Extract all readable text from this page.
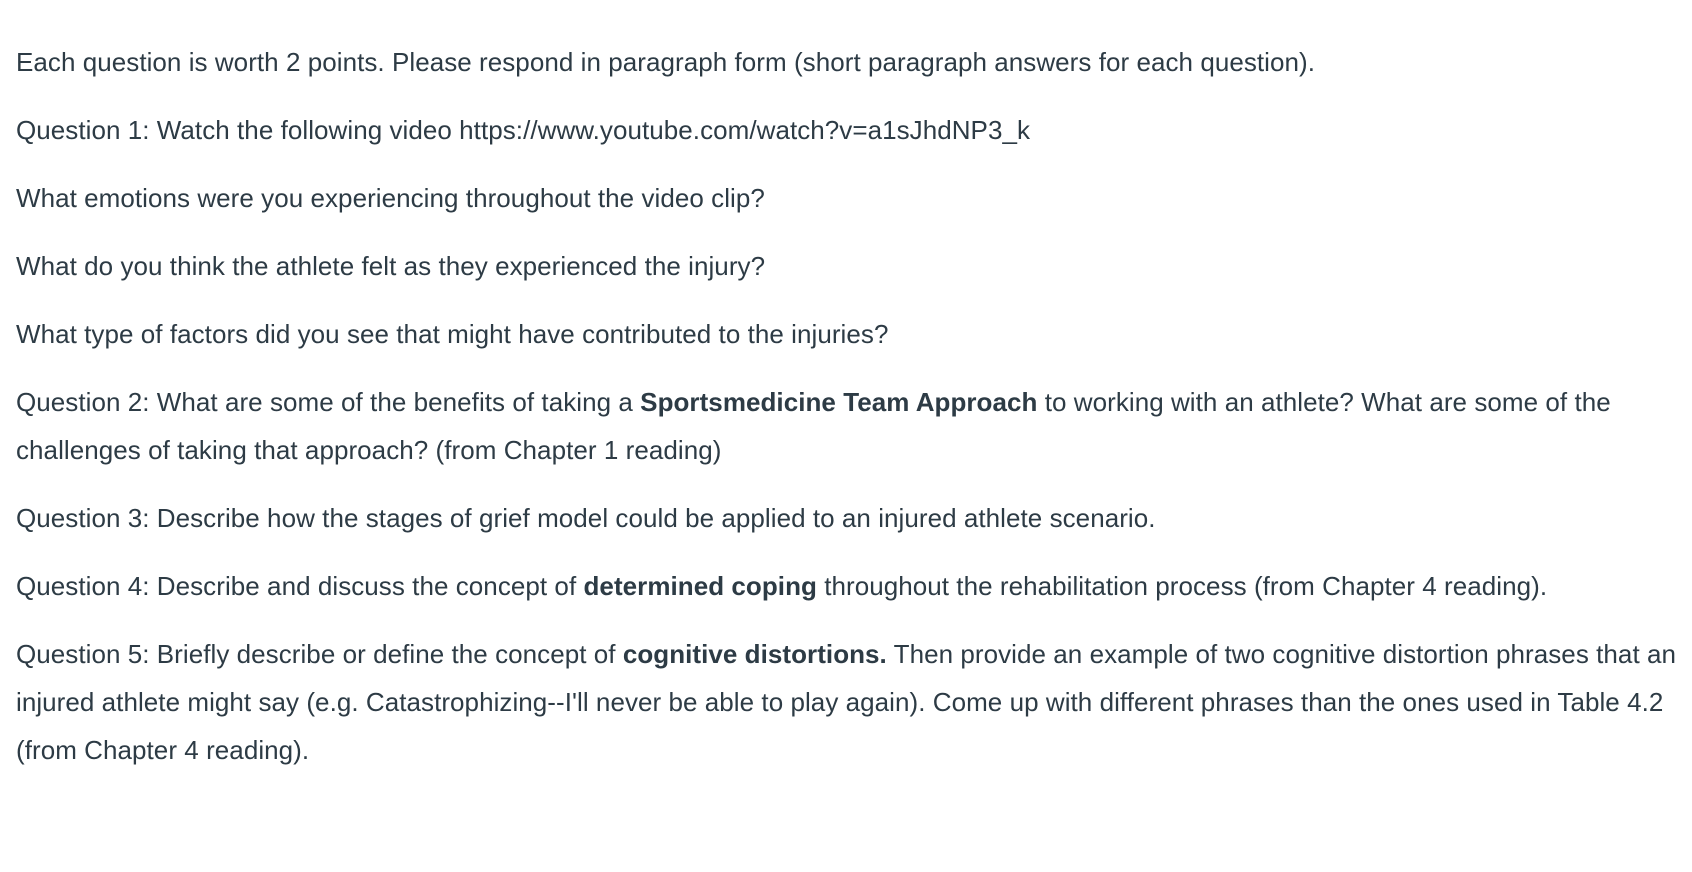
Each question is worth 2 points. Please respond in paragraph form (short paragraph answers for each question).

Question 1: Watch the following video https://www.youtube.com/watch?v=a1sJhdNP3_k

What emotions were you experiencing throughout the video clip?

What do you think the athlete felt as they experienced the injury?

What type of factors did you see that might have contributed to the injuries?

Question 2: What are some of the benefits of taking a Sportsmedicine Team Approach to working with an athlete? What are some of the challenges of taking that approach? (from Chapter 1 reading)

Question 3: Describe how the stages of grief model could be applied to an injured athlete scenario.

Question 4: Describe and discuss the concept of determined coping throughout the rehabilitation process (from Chapter 4 reading).

Question 5: Briefly describe or define the concept of cognitive distortions. Then provide an example of two cognitive distortion phrases that an injured athlete might say (e.g. Catastrophizing--I'll never be able to play again). Come up with different phrases than the ones used in Table 4.2 (from Chapter 4 reading).
